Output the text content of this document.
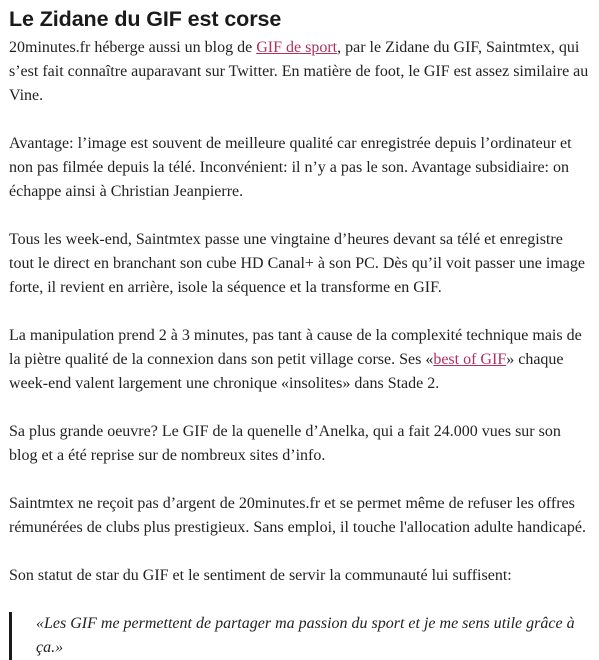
Le Zidane du GIF est corse

20minutes.fr héberge aussi un blog de GIF de sport, par le Zidane du GIF, Saintmtex, qui s’est fait connaître auparavant sur Twitter. En matière de foot, le GIF est assez similaire au Vine.

Avantage: l’image est souvent de meilleure qualité car enregistrée depuis l’ordinateur et non pas filmée depuis la télé. Inconvénient: il n’y a pas le son. Avantage subsidiaire: on échappe ainsi à Christian Jeanpierre.

Tous les week-end, Saintmtex passe une vingtaine d’heures devant sa télé et enregistre tout le direct en branchant son cube HD Canal+ à son PC. Dès qu’il voit passer une image forte, il revient en arrière, isole la séquence et la transforme en GIF.

La manipulation prend 2 à 3 minutes, pas tant à cause de la complexité technique mais de la piètre qualité de la connexion dans son petit village corse. Ses «best of GIF» chaque week-end valent largement une chronique «insolites» dans Stade 2.

Sa plus grande oeuvre? Le GIF de la quenelle d’Anelka, qui a fait 24.000 vues sur son blog et a été reprise sur de nombreux sites d’info.

Saintmtex ne reçoit pas d’argent de 20minutes.fr et se permet même de refuser les offres rémunérées de clubs plus prestigieux. Sans emploi, il touche l'allocation adulte handicapé.

Son statut de star du GIF et le sentiment de servir la communauté lui suffisent:

«Les GIF me permettent de partager ma passion du sport et je me sens utile grâce à ça.»
